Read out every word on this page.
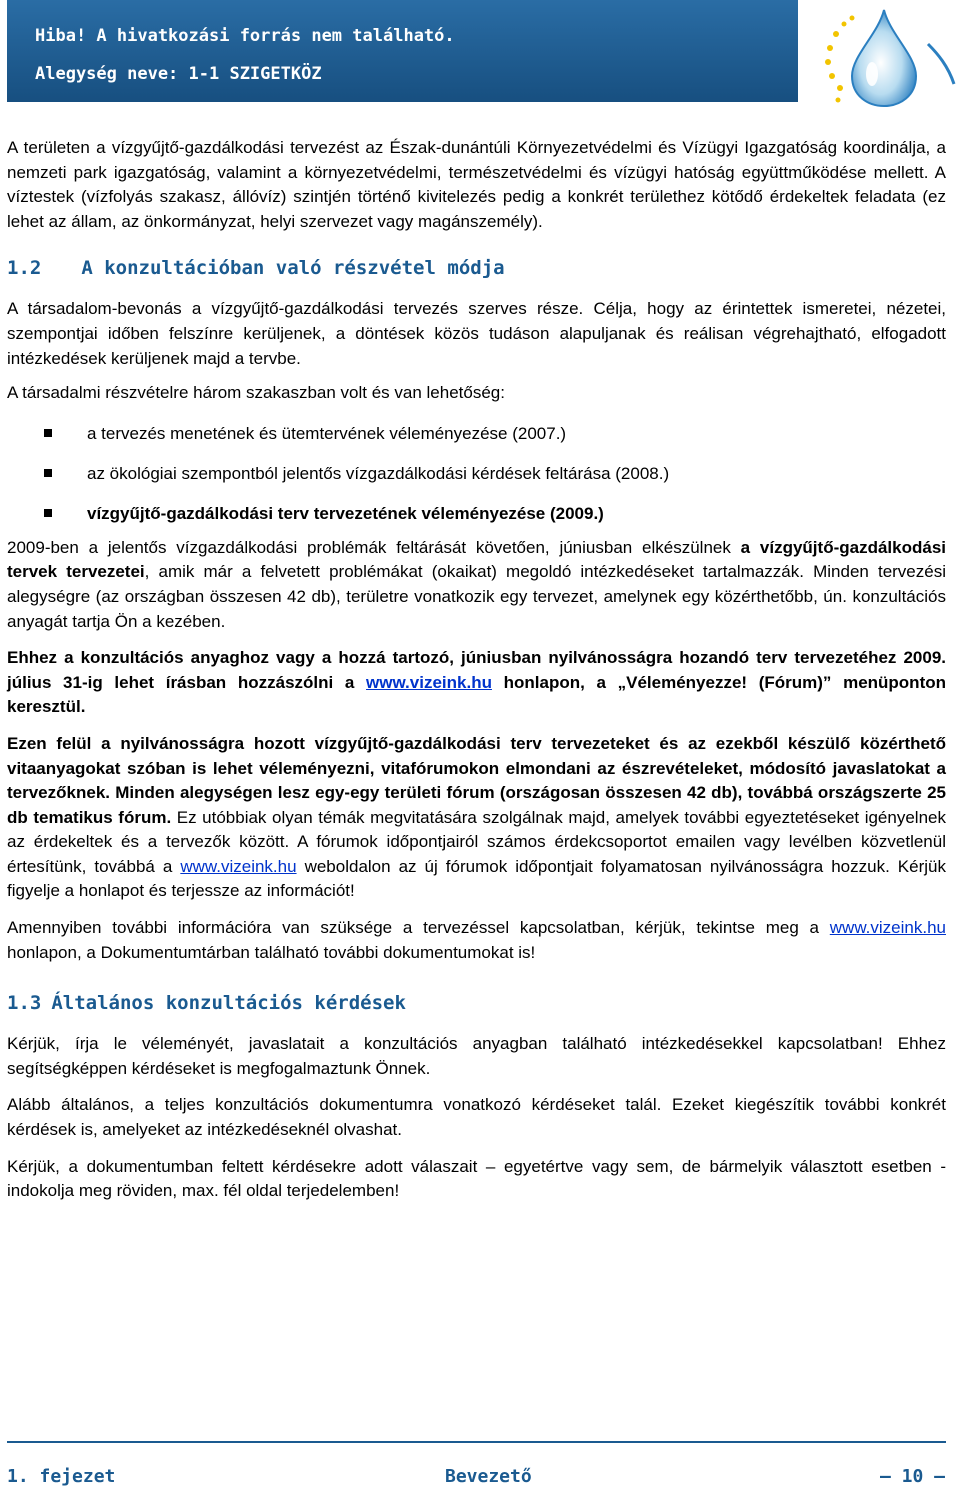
Hiba! A hivatkozási forrás nem található.
Alegység neve: 1-1 SZIGETKÖZ

A területen a vízgyűjtő-gazdálkodási tervezést az Észak-dunántúli Környezetvédelmi és Vízügyi Igazgatóság koordinálja, a nemzeti park igazgatóság, valamint a környezetvédelmi, természetvédelmi és vízügyi hatóság együttműködése mellett. A víztestek (vízfolyás szakasz, állóvíz) szintjén történő kivitelezés pedig a konkrét területhez kötődő érdekeltek feladata (ez lehet az állam, az önkormányzat, helyi szervezet vagy magánszemély).

1.2 A konzultációban való részvétel módja

A társadalom-bevonás a vízgyűjtő-gazdálkodási tervezés szerves része. Célja, hogy az érintettek ismeretei, nézetei, szempontjai időben felszínre kerüljenek, a döntések közös tudáson alapuljanak és reálisan végrehajtható, elfogadott intézkedések kerüljenek majd a tervbe.

A társadalmi részvételre három szakaszban volt és van lehetőség:

a tervezés menetének és ütemtervének véleményezése (2007.)
az ökológiai szempontból jelentős vízgazdálkodási kérdések feltárása (2008.)
vízgyűjtő-gazdálkodási terv tervezetének véleményezése (2009.)

2009-ben a jelentős vízgazdálkodási problémák feltárását követően, júniusban elkészülnek a vízgyűjtő-gazdálkodási tervek tervezetei, amik már a felvetett problémákat (okaikat) megoldó intézkedéseket tartalmazzák. Minden tervezési alegységre (az országban összesen 42 db), területre vonatkozik egy tervezet, amelynek egy közérthetőbb, ún. konzultációs anyagát tartja Ön a kezében.

Ehhez a konzultációs anyaghoz vagy a hozzá tartozó, júniusban nyilvánosságra hozandó terv tervezetéhez 2009. július 31-ig lehet írásban hozzászólni a www.vizeink.hu honlapon, a „Véleményezze! (Fórum)” menüponton keresztül.

Ezen felül a nyilvánosságra hozott vízgyűjtő-gazdálkodási terv tervezeteket és az ezekből készülő közérthető vitaanyagokat szóban is lehet véleményezni, vitafórumokon elmondani az észrevételeket, módosító javaslatokat a tervezőknek. Minden alegységen lesz egy-egy területi fórum (országosan összesen 42 db), továbbá országszerte 25 db tematikus fórum. Ez utóbbiak olyan témák megvitatására szolgálnak majd, amelyek további egyeztetéseket igényelnek az érdekeltek és a tervezők között. A fórumok időpontjairól számos érdekcsoportot emailen vagy levélben közvetlenül értesítünk, továbbá a www.vizeink.hu weboldalon az új fórumok időpontjait folyamatosan nyilvánosságra hozzuk. Kérjük figyelje a honlapot és terjessze az információt!

Amennyiben további információra van szüksége a tervezéssel kapcsolatban, kérjük, tekintse meg a www.vizeink.hu honlapon, a Dokumentumtárban található további dokumentumokat is!

1.3 Általános konzultációs kérdések

Kérjük, írja le véleményét, javaslatait a konzultációs anyagban található intézkedésekkel kapcsolatban! Ehhez segítségképpen kérdéseket is megfogalmaztunk Önnek.

Alább általános, a teljes konzultációs dokumentumra vonatkozó kérdéseket talál. Ezeket kiegészítik további konkrét kérdések is, amelyeket az intézkedéseknél olvashat.

Kérjük, a dokumentumban feltett kérdésekre adott válaszait – egyetértve vagy sem, de bármelyik választott esetben - indokolja meg röviden, max. fél oldal terjedelemben!

1. fejezet	Bevezető	— 10 —
